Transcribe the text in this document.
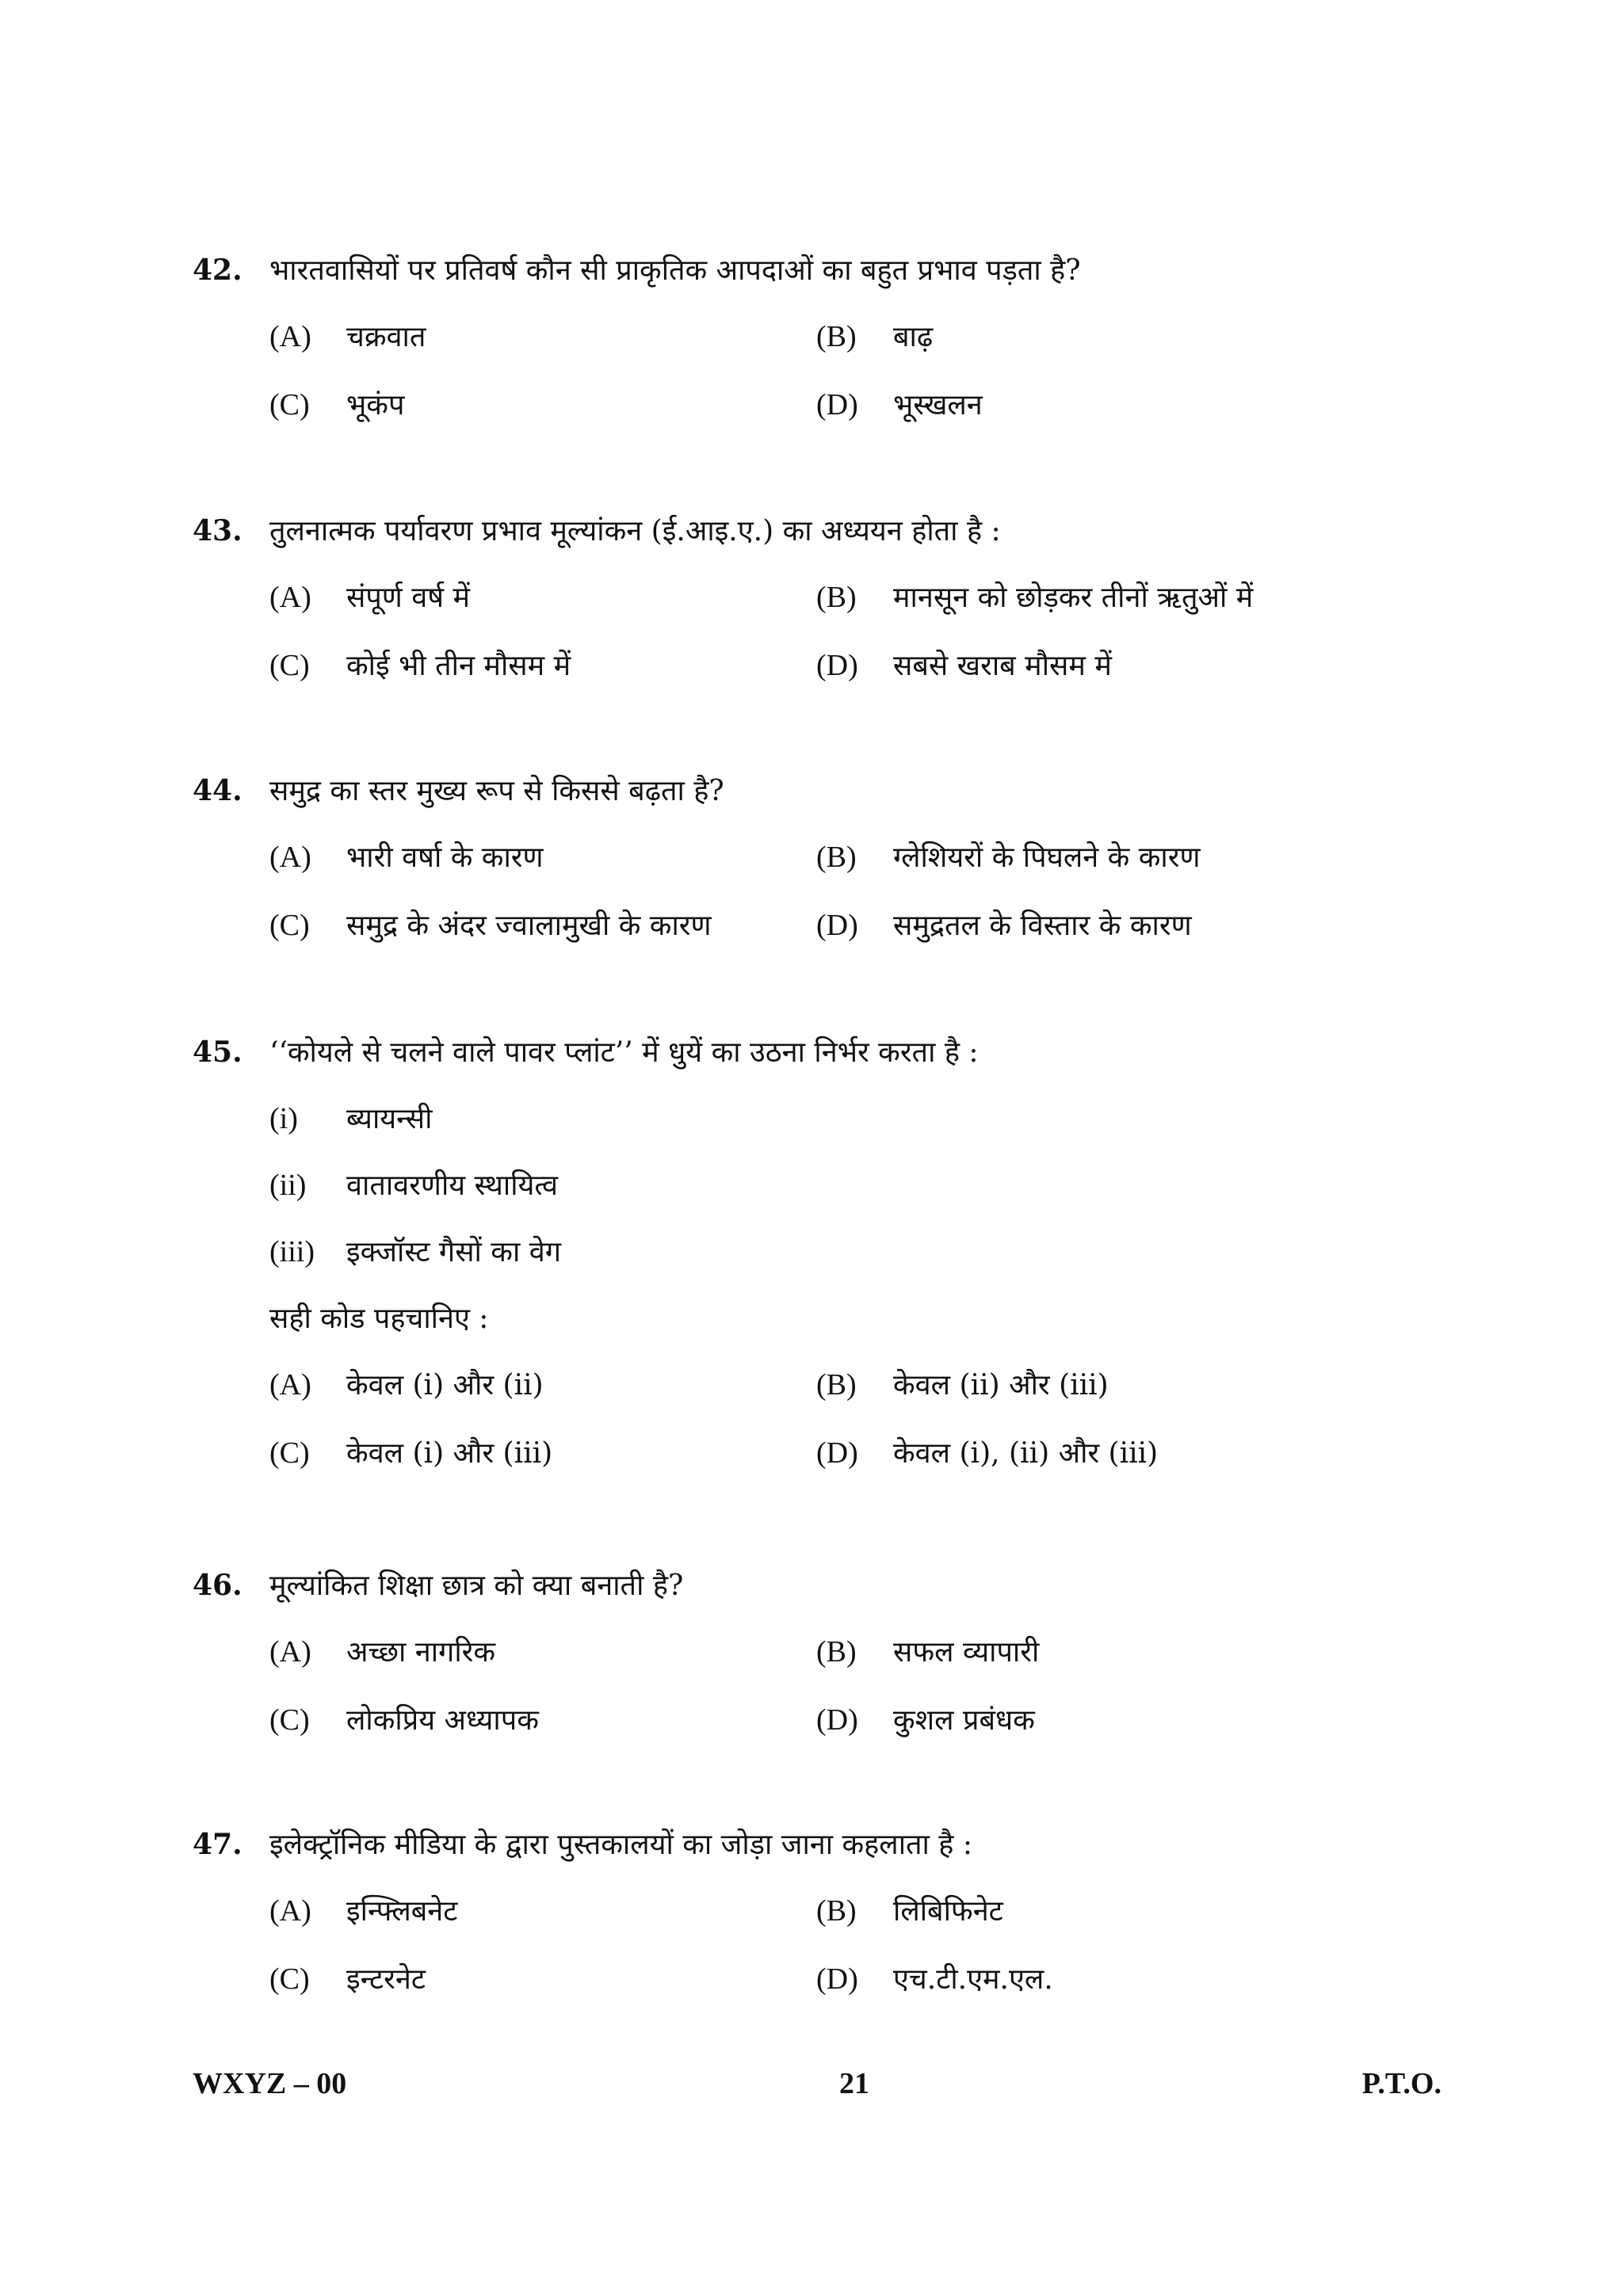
42. भारतवासियों पर प्रतिवर्ष कौन सी प्राकृतिक आपदाओं का बहुत प्रभाव पड़ता है?
(A)	चक्रवात	(B)	बाढ़
(C)	भूकंप	(D)	भूस्खलन
43. तुलनात्मक पर्यावरण प्रभाव मूल्यांकन (ई.आइ.ए.) का अध्ययन होता है :
(A)	संपूर्ण वर्ष में	(B)	मानसून को छोड़कर तीनों ऋतुओं में
(C)	कोई भी तीन मौसम में	(D)	सबसे खराब मौसम में
44. समुद्र का स्तर मुख्य रूप से किससे बढ़ता है?
(A)	भारी वर्षा के कारण	(B)	ग्लेशियरों के पिघलने के कारण
(C)	समुद्र के अंदर ज्वालामुखी के कारण	(D)	समुद्रतल के विस्तार के कारण
45. ‘‘कोयले से चलने वाले पावर प्लांट’’ में धुयें का उठना निर्भर करता है :
(i)	ब्यायन्सी
(ii)	वातावरणीय स्थायित्व
(iii)	इक्जॉस्ट गैसों का वेग
सही कोड पहचानिए :
(A)	केवल (i) और (ii)	(B)	केवल (ii) और (iii)
(C)	केवल (i) और (iii)	(D)	केवल (i), (ii) और (iii)
46. मूल्यांकित शिक्षा छात्र को क्या बनाती है?
(A)	अच्छा नागरिक	(B)	सफल व्यापारी
(C)	लोकप्रिय अध्यापक	(D)	कुशल प्रबंधक
47. इलेक्ट्रॉनिक मीडिया के द्वारा पुस्तकालयों का जोड़ा जाना कहलाता है :
(A)	इन्फ्लिबनेट	(B)	लिबिफिनेट
(C)	इन्टरनेट	(D)	एच.टी.एम.एल.
WXYZ – 00	21	P.T.O.
